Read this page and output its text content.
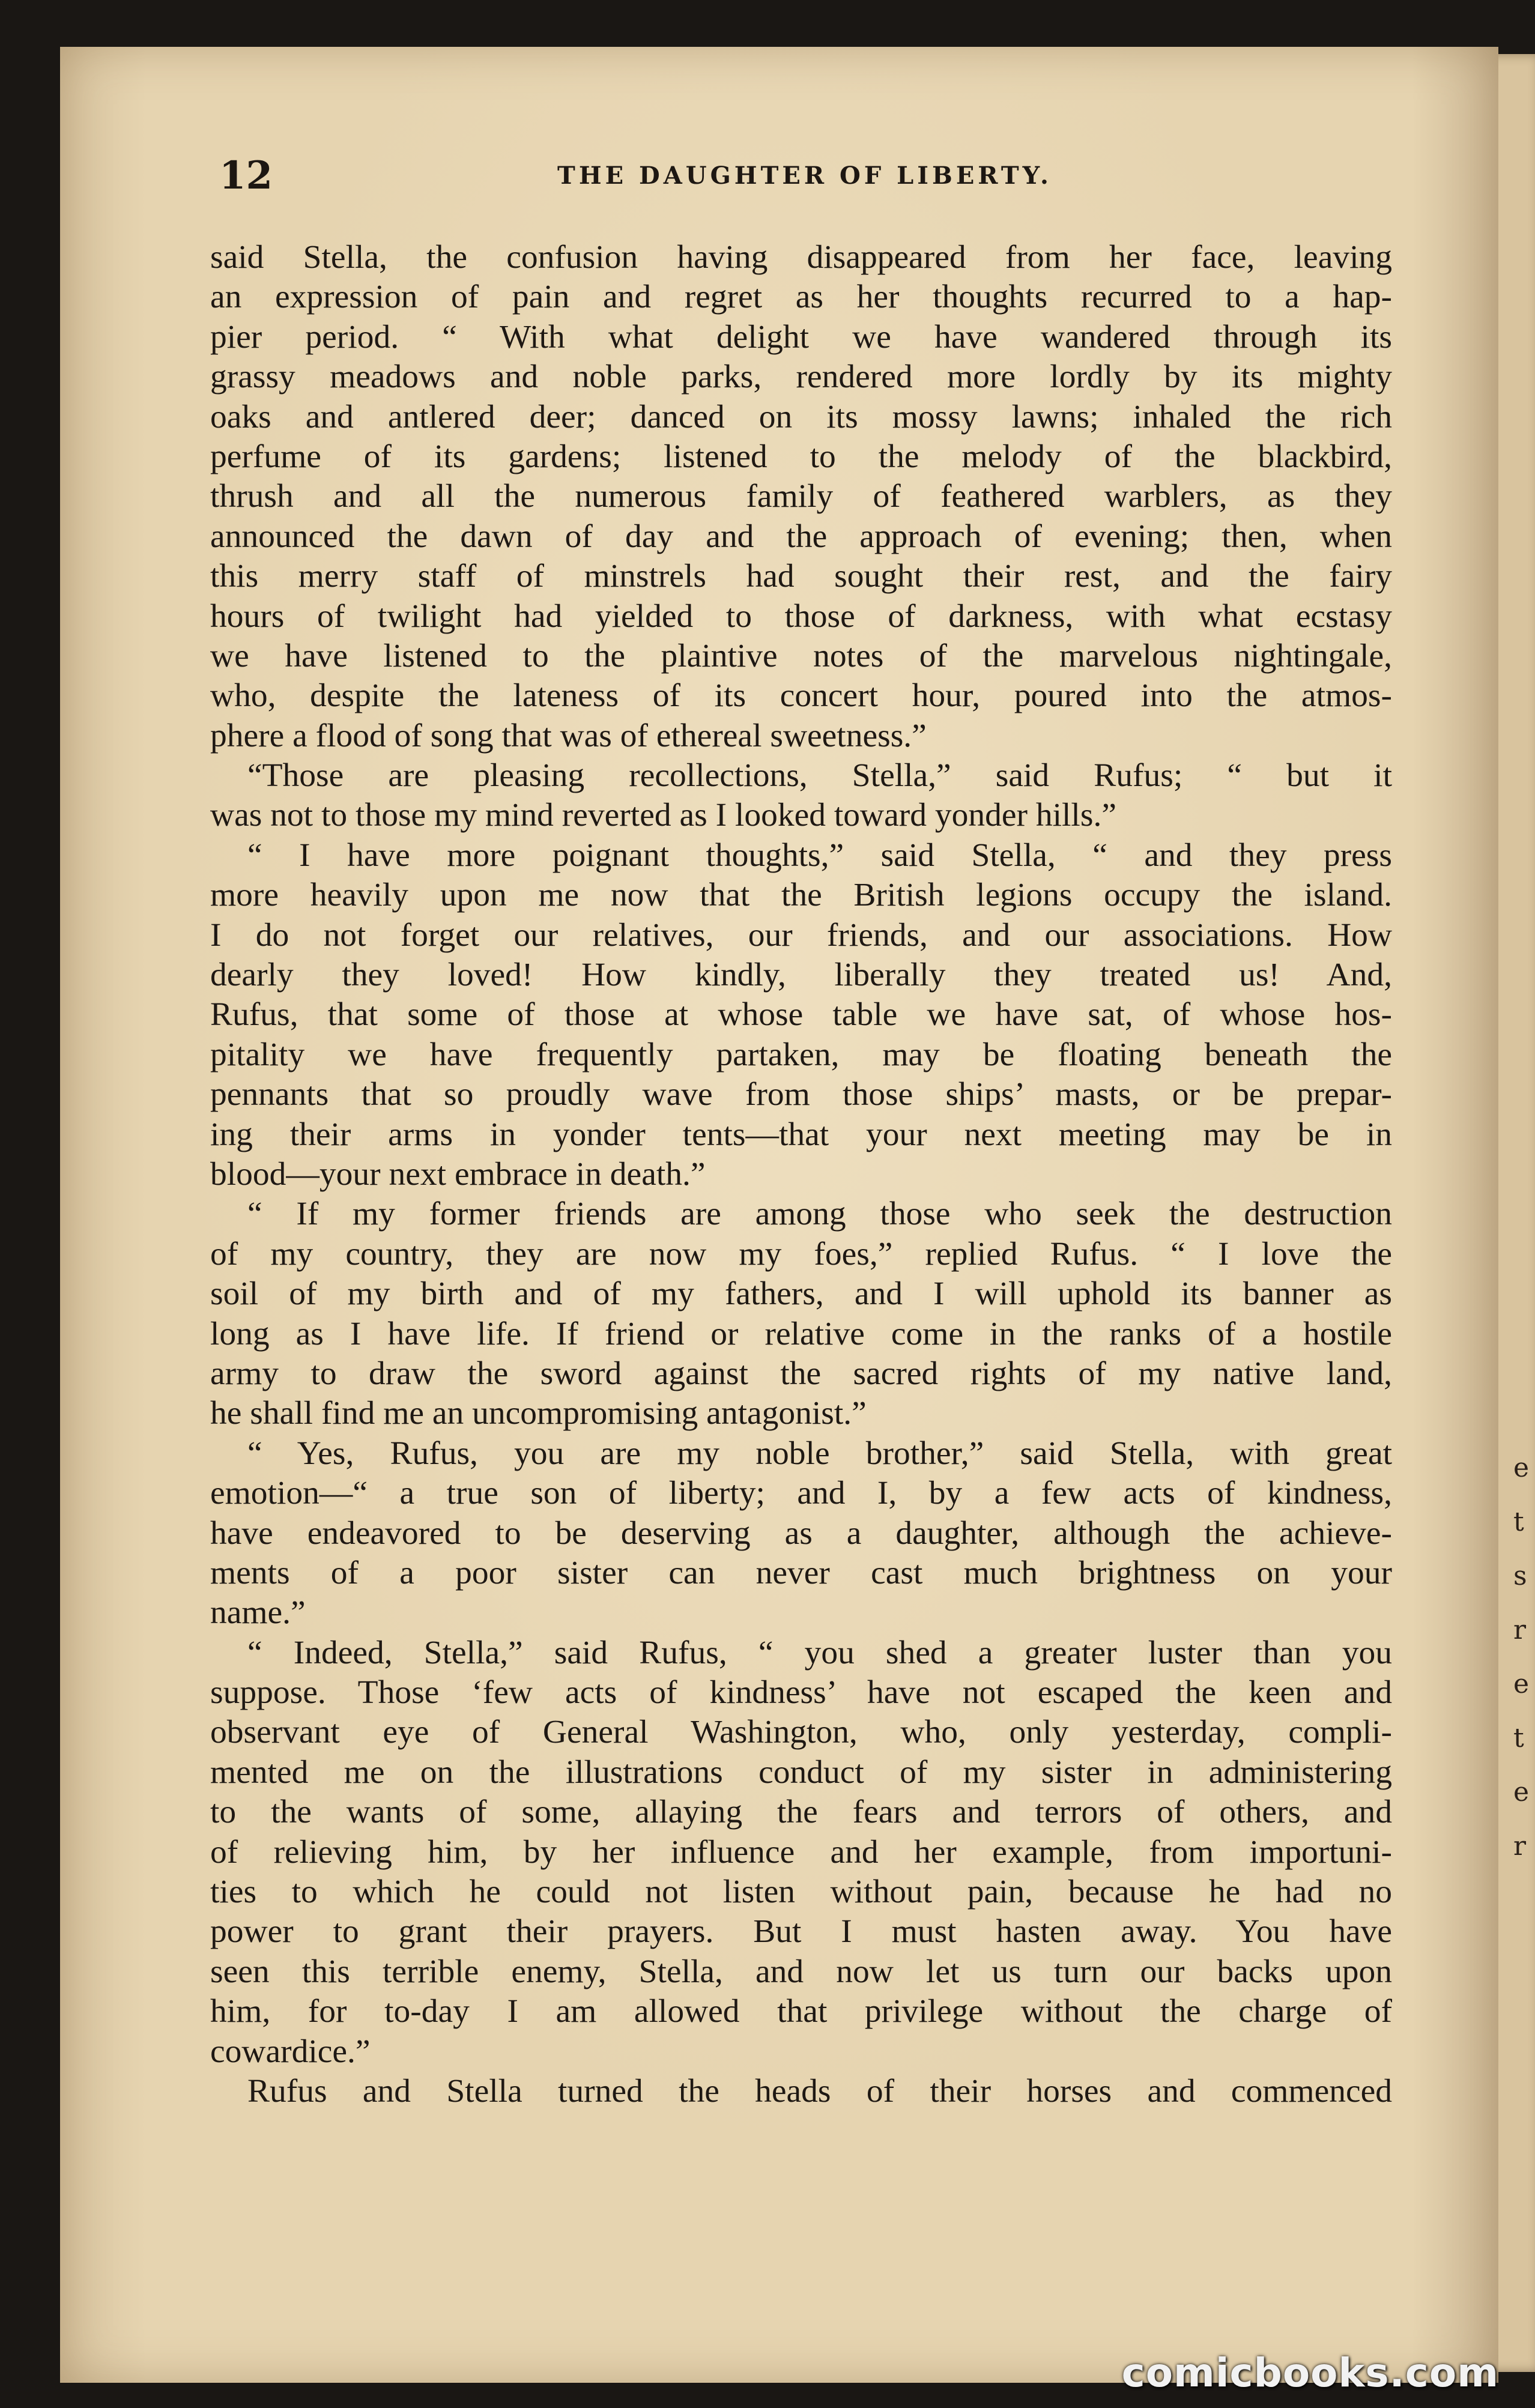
e
t
s
r
e
t
e
r
12	THE DAUGHTER OF LIBERTY.
said Stella, the confusion having disappeared from her face, leaving
an expression of pain and regret as her thoughts recurred to a hap-
pier period. “ With what delight we have wandered through its
grassy meadows and noble parks, rendered more lordly by its mighty
oaks and antlered deer; danced on its mossy lawns; inhaled the rich
perfume of its gardens; listened to the melody of the blackbird,
thrush and all the numerous family of feathered warblers, as they
announced the dawn of day and the approach of evening; then, when
this merry staff of minstrels had sought their rest, and the fairy
hours of twilight had yielded to those of darkness, with what ecstasy
we have listened to the plaintive notes of the marvelous nightingale,
who, despite the lateness of its concert hour, poured into the atmos-
phere a flood of song that was of ethereal sweetness.”
“Those are pleasing recollections, Stella,” said Rufus; “ but it
was not to those my mind reverted as I looked toward yonder hills.”
“ I have more poignant thoughts,” said Stella, “ and they press
more heavily upon me now that the British legions occupy the island.
I do not forget our relatives, our friends, and our associations. How
dearly they loved! How kindly, liberally they treated us! And,
Rufus, that some of those at whose table we have sat, of whose hos-
pitality we have frequently partaken, may be floating beneath the
pennants that so proudly wave from those ships’ masts, or be prepar-
ing their arms in yonder tents—that your next meeting may be in
blood—your next embrace in death.”
“ If my former friends are among those who seek the destruction
of my country, they are now my foes,” replied Rufus. “ I love the
soil of my birth and of my fathers, and I will uphold its banner as
long as I have life. If friend or relative come in the ranks of a hostile
army to draw the sword against the sacred rights of my native land,
he shall find me an uncompromising antagonist.”
“ Yes, Rufus, you are my noble brother,” said Stella, with great
emotion—“ a true son of liberty; and I, by a few acts of kindness,
have endeavored to be deserving as a daughter, although the achieve-
ments of a poor sister can never cast much brightness on your
name.”
“ Indeed, Stella,” said Rufus, “ you shed a greater luster than you
suppose. Those ‘few acts of kindness’ have not escaped the keen and
observant eye of General Washington, who, only yesterday, compli-
mented me on the illustrations conduct of my sister in administering
to the wants of some, allaying the fears and terrors of others, and
of relieving him, by her influence and her example, from importuni-
ties to which he could not listen without pain, because he had no
power to grant their prayers. But I must hasten away. You have
seen this terrible enemy, Stella, and now let us turn our backs upon
him, for to-day I am allowed that privilege without the charge of
cowardice.”
Rufus and Stella turned the heads of their horses and commenced
comicbooks.com
